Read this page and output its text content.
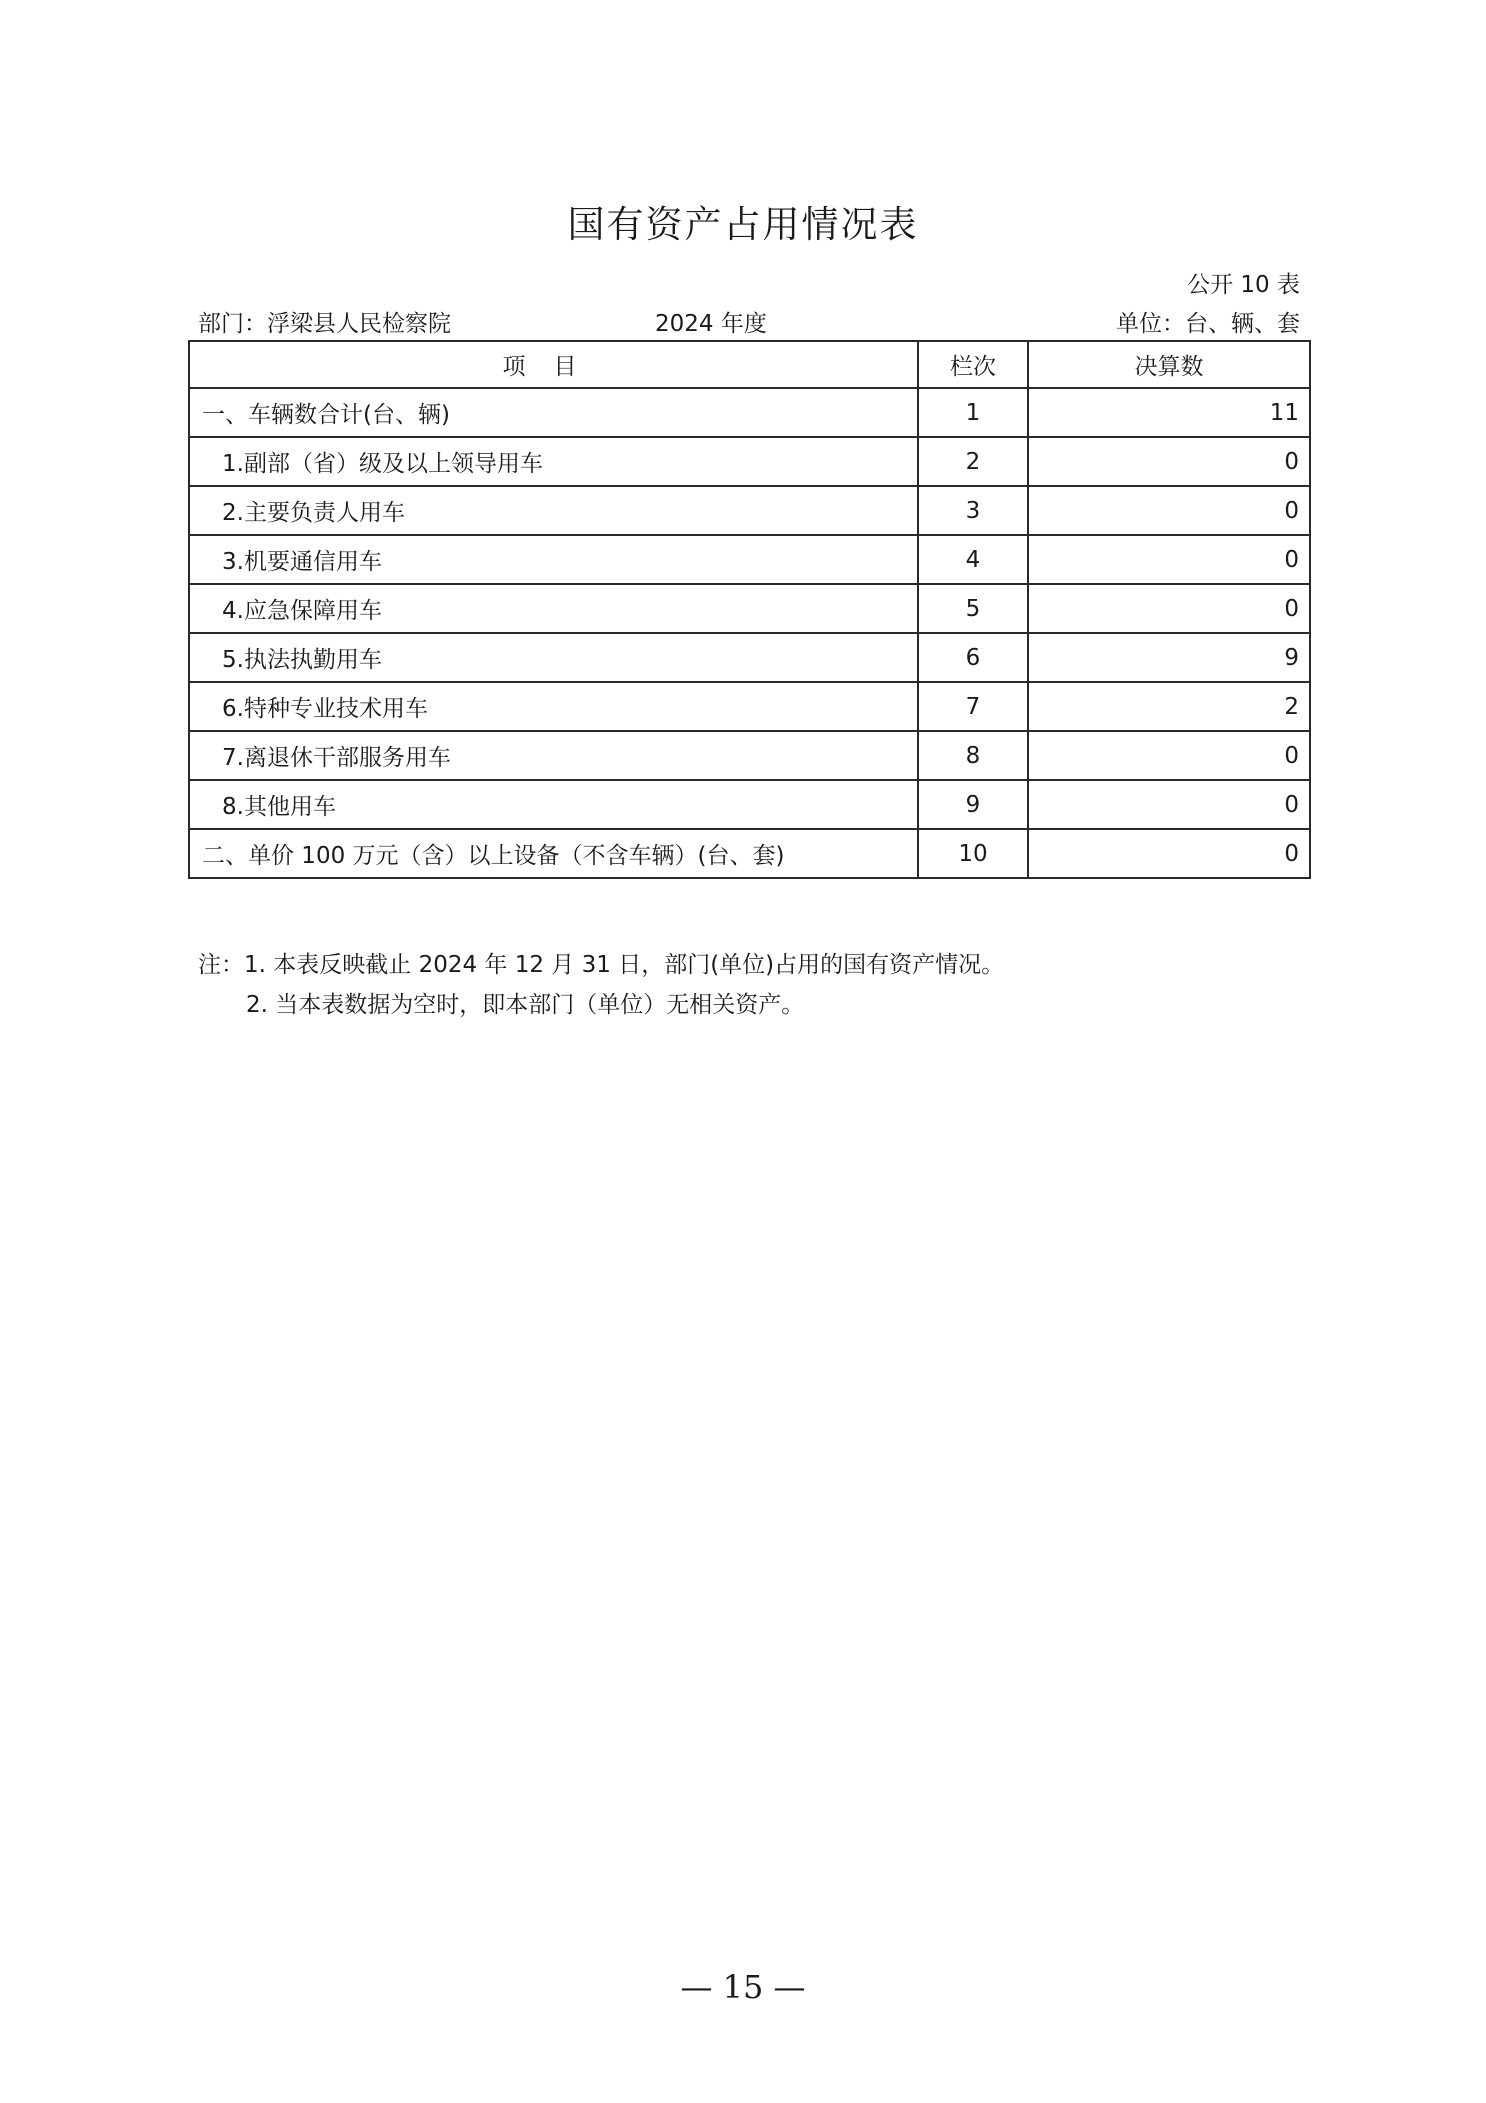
国有资产占用情况表
公开 10 表
部门：浮梁县人民检察院	2024 年度	单位：台、辆、套
项目	栏次	决算数
一、车辆数合计(台、辆)	1	11
1.副部（省）级及以上领导用车	2	0
2.主要负责人用车	3	0
3.机要通信用车	4	0
4.应急保障用车	5	0
5.执法执勤用车	6	9
6.特种专业技术用车	7	2
7.离退休干部服务用车	8	0
8.其他用车	9	0
二、单价 100 万元（含）以上设备（不含车辆）(台、套)	10	0
注：1. 本表反映截止 2024 年 12 月 31 日，部门(单位)占用的国有资产情况。
2. 当本表数据为空时，即本部门（单位）无相关资产。
— 15 —
